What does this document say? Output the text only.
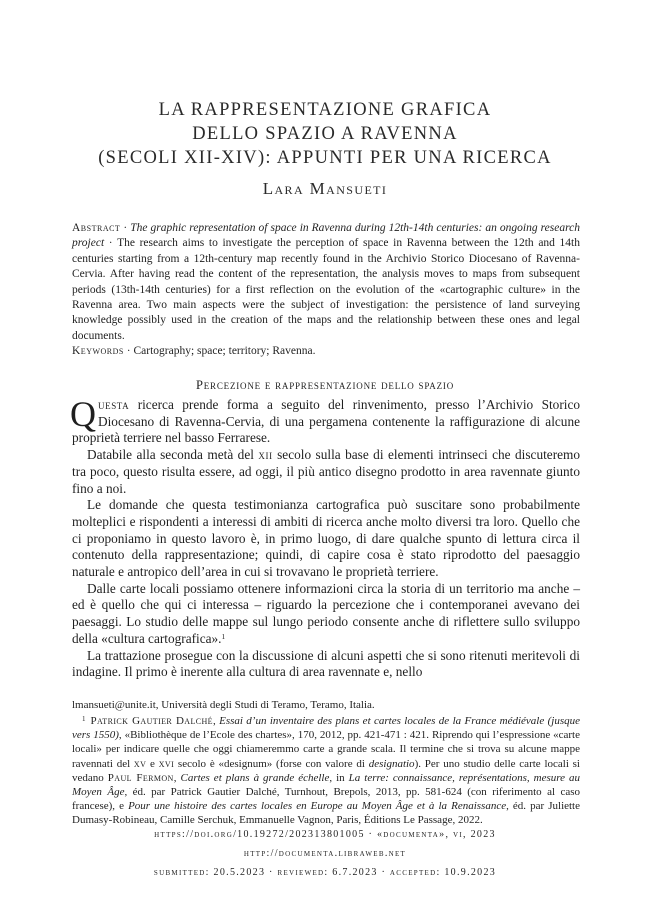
LA RAPPRESENTAZIONE GRAFICA
DELLO SPAZIO A RAVENNA
(SECOLI XII-XIV): APPUNTI PER UNA RICERCA
Lara Mansueti
Abstract · The graphic representation of space in Ravenna during 12th-14th centuries: an ongoing research project · The research aims to investigate the perception of space in Ravenna between the 12th and 14th centuries starting from a 12th-century map recently found in the Archivio Storico Diocesano of Ravenna-Cervia. After having read the content of the representation, the analysis moves to maps from subsequent periods (13th-14th centuries) for a first reflection on the evolution of the «cartographic culture» in the Ravenna area. Two main aspects were the subject of investigation: the persistence of land surveying knowledge possibly used in the creation of the maps and the relationship between these ones and legal documents.
Keywords · Cartography; space; territory; Ravenna.
Percezione e rappresentazione dello spazio

Questa ricerca prende forma a seguito del rinvenimento, presso l’Archivio Storico Diocesano di Ravenna-Cervia, di una pergamena contenente la raffigurazione di alcune proprietà terriere nel basso Ferrarese.

Databile alla seconda metà del xii secolo sulla base di elementi intrinseci che discuteremo tra poco, questo risulta essere, ad oggi, il più antico disegno prodotto in area ravennate giunto fino a noi.

Le domande che questa testimonianza cartografica può suscitare sono probabilmente molteplici e rispondenti a interessi di ambiti di ricerca anche molto diversi tra loro. Quello che ci proponiamo in questo lavoro è, in primo luogo, di dare qualche spunto di lettura circa il contenuto della rappresentazione; quindi, di capire cosa è stato riprodotto del paesaggio naturale e antropico dell’area in cui si trovavano le proprietà terriere.

Dalle carte locali possiamo ottenere informazioni circa la storia di un territorio ma anche – ed è quello che qui ci interessa – riguardo la percezione che i contemporanei avevano dei paesaggi. Lo studio delle mappe sul lungo periodo consente anche di riflettere sullo sviluppo della «cultura cartografica».$^1$

La trattazione prosegue con la discussione di alcuni aspetti che si sono ritenuti meritevoli di indagine. Il primo è inerente alla cultura di area ravennate e, nello

lmansueti@unite.it, Università degli Studi di Teramo, Teramo, Italia.
$^1$ Patrick Gautier Dalché, Essai d’un inventaire des plans et cartes locales de la France médiévale (jusque vers 1550), «Bibliothèque de l’Ecole des chartes», 170, 2012, pp. 421-471 : 421. Riprendo qui l’espressione «carte locali» per indicare quelle che oggi chiameremmo carte a grande scala. Il termine che si trova su alcune mappe ravennati del xv e xvi secolo è «designum» (forse con valore di designatio). Per uno studio delle carte locali si vedano Paul Fermon, Cartes et plans à grande échelle, in La terre: connaissance, représentations, mesure au Moyen Âge, éd. par Patrick Gautier Dalché, Turnhout, Brepols, 2013, pp. 581-624 (con riferimento al caso francese), e Pour une histoire des cartes locales en Europe au Moyen Âge et à la Renaissance, éd. par Juliette Dumasy-Robineau, Camille Serchuk, Emmanuelle Vagnon, Paris, Éditions Le Passage, 2022.
https://doi.org/10.19272/202313801005 · «documenta», vi, 2023
http://documenta.libraweb.net
submitted: 20.5.2023 · reviewed: 6.7.2023 · accepted: 10.9.2023
